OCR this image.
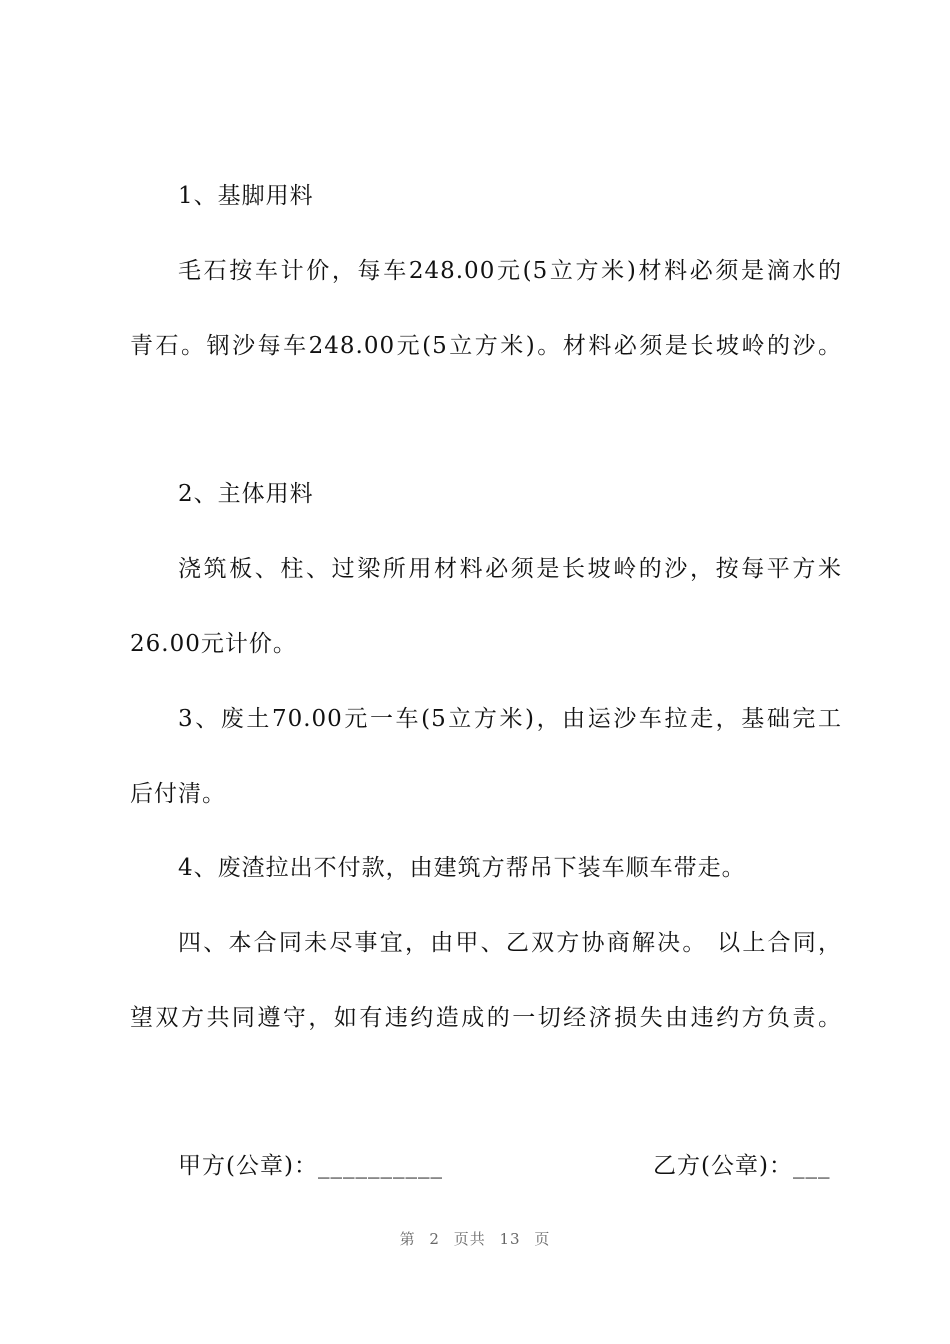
1、基脚用料
毛石按车计价，每车248.00元(5立方米)材料必须是滴水的
青石。钢沙每车248.00元(5立方米)。材料必须是长坡岭的沙。
2、主体用料
浇筑板、柱、过梁所用材料必须是长坡岭的沙，按每平方米
26.00元计价。
3、废土70.00元一车(5立方米)，由运沙车拉走，基础完工
后付清。
4、废渣拉出不付款，由建筑方帮吊下装车顺车带走。
四、本合同未尽事宜，由甲、乙双方协商解决。 以上合同，
望双方共同遵守，如有违约造成的一切经济损失由违约方负责。
甲方(公章)：__________	乙方(公章)：___
第 2 页共 13 页
